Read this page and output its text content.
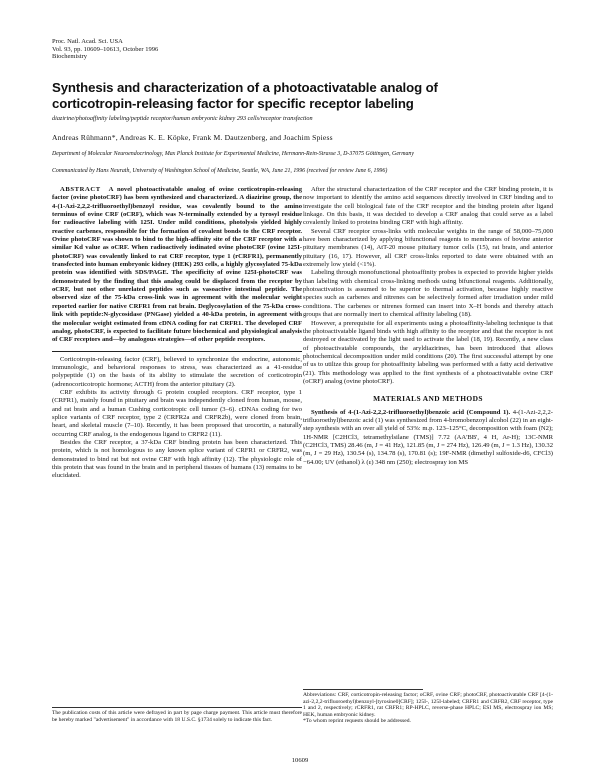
Proc. Natl. Acad. Sci. USA
Vol. 93, pp. 10609–10613, October 1996
Biochemistry
Synthesis and characterization of a photoactivatable analog of
corticotropin-releasing factor for specific receptor labeling
diazirine/photoaffinity labeling/peptide receptor/human embryonic kidney 293 cells/receptor transfection
Andreas Rühmann*, Andreas K. E. Köpke, Frank M. Dautzenberg, and Joachim Spiess
Department of Molecular Neuroendocrinology, Max Planck Institute for Experimental Medicine, Hermann-Rein-Strasse 3, D-37075 Göttingen, Germany
Communicated by Hans Neurath, University of Washington School of Medicine, Seattle, WA, June 21, 1996 (received for review June 6, 1996)

ABSTRACT A novel photoactivatable analog of ovine corticotropin-releasing factor (ovine photoCRF) has been synthesized and characterized. A diazirine group, the 4-(1-Azi-2,2,2-trifluoroethyl)benzoyl residue, was covalently bound to the amino terminus of ovine CRF (oCRF), which was N-terminally extended by a tyrosyl residue for radioactive labeling with 125I. Under mild conditions, photolysis yielded highly reactive carbenes, responsible for the formation of covalent bonds to the CRF receptor. Ovine photoCRF was shown to bind to the high-affinity site of the CRF receptor with a similar Kd value as oCRF. When radioactively iodinated ovine photoCRF (ovine 125I-photoCRF) was covalently linked to rat CRF receptor, type 1 (rCRFR1), permanently transfected into human embryonic kidney (HEK) 293 cells, a highly glycosylated 75-kDa protein was identified with SDS/PAGE. The specificity of ovine 125I-photoCRF was demonstrated by the finding that this analog could be displaced from the receptor by oCRF, but not other unrelated peptides such as vasoactive intestinal peptide. The observed size of the 75-kDa cross-link was in agreement with the molecular weight reported earlier for native CRFR1 from rat brain. Deglycosylation of the 75-kDa cross-link with peptide:N-glycosidase (PNGase) yielded a 40-kDa protein, in agreement with the molecular weight estimated from cDNA coding for rat CRFR1. The developed CRF analog, photoCRF, is expected to facilitate future biochemical and physiological analysis of CRF receptors and—by analogous strategies—of other peptide receptors.

Corticotropin-releasing factor (CRF), believed to synchronize the endocrine, autonomic, immunologic, and behavioral responses to stress, was characterized as a 41-residue polypeptide (1) on the basis of its ability to stimulate the secretion of corticotropin (adrenocorticotropic hormone; ACTH) from the anterior pituitary (2).

CRF exhibits its activity through G protein coupled receptors. CRF receptor, type 1 (CRFR1), mainly found in pituitary and brain was independently cloned from human, mouse, and rat brain and a human Cushing corticotropic cell tumor (3–6). cDNAs coding for two splice variants of CRF receptor, type 2 (CRFR2a and CRFR2b), were cloned from brain, heart, and skeletal muscle (7–10). Recently, it has been proposed that urocortin, a naturally occurring CRF analog, is the endogenous ligand to CRFR2 (11).

Besides the CRF receptor, a 37-kDa CRF binding protein has been characterized. This protein, which is not homologous to any known splice variant of CRFR1 or CRFR2, was demonstrated to bind rat but not ovine CRF with high affinity (12). The physiologic role of this protein that was found in the brain and in peripheral tissues of humans (13) remains to be elucidated.

The publication costs of this article were defrayed in part by page charge payment. This article must therefore be hereby marked "advertisement" in accordance with 18 U.S.C. §1734 solely to indicate this fact.

After the structural characterization of the CRF receptor and the CRF binding protein, it is now important to identify the amino acid sequences directly involved in CRF binding and to investigate the cell biological fate of the CRF receptor and the binding protein after ligand linkage. On this basis, it was decided to develop a CRF analog that could serve as a label covalently linked to proteins binding CRF with high affinity.

Several CRF receptor cross-links with molecular weights in the range of 58,000–75,000 have been characterized by applying bifunctional reagents to membranes of bovine anterior pituitary membranes (14), AtT-20 mouse pituitary tumor cells (15), rat brain, and anterior pituitary (16, 17). However, all CRF cross-links reported to date were obtained with an extremely low yield (<1%).

Labeling through monofunctional photoaffinity probes is expected to provide higher yields than labeling with chemical cross-linking methods using bifunctional reagents. Additionally, photoactivation is assumed to be superior to thermal activation, because highly reactive species such as carbenes and nitrenes can be selectively formed after irradiation under mild conditions. The carbenes or nitrenes formed can insert into X–H bonds and thereby attach groups that are normally inert to chemical affinity labeling (18).

However, a prerequisite for all experiments using a photoaffinity-labeling technique is that the photoactivatable ligand binds with high affinity to the receptor and that the receptor is not destroyed or deactivated by the light used to activate the label (18, 19). Recently, a new class of photoactivatable compounds, the aryldiazirines, has been introduced that allows photochemical decomposition under mild conditions (20). The first successful attempt by one of us to utilize this group for photoaffinity labeling was performed with a fatty acid derivative (21). This methodology was applied to the first synthesis of a photoactivatable ovine CRF (oCRF) analog (ovine photoCRF).

MATERIALS AND METHODS

Synthesis of 4-(1-Azi-2,2,2-trifluoroethyl)benzoic acid (Compound 1). 4-(1-Azi-2,2,2-trifluoroethyl)benzoic acid (1) was synthesized from 4-bromobenzoyl alcohol (22) in an eight-step synthesis with an over all yield of 53%: m.p. 123–125°C, decomposition with foam (N2); 1H-NMR [C2HCl3, tetramethylsilane (TMS)] 7.72 (AA'BB', 4 H, Ar-H); 13C-NMR (C2HCl3, TMS) 28.46 (m, J = 41 Hz), 121.85 (m, J = 274 Hz), 126.49 (m, J = 1.3 Hz), 130.32 (m, J = 29 Hz), 130.54 (s), 134.78 (s), 170.81 (s); 19F-NMR (dimethyl sulfoxide-d6, CFCl3) −64.00; UV (ethanol) λ (ε) 348 nm (250); electrospray ion MS

Abbreviations: CRF, corticotropin-releasing factor; oCRF, ovine CRF; photoCRF, photoactivatable CRF [4-(1-azi-2,2,2-trifluoroethyl)benzoyl-[tyrosine0]CRF]; 125I-, 125I-labeled; CRFR1 and CRFR2, CRF receptor, type 1 and 2, respectively; rCRFR1, rat CRFR1; RP-HPLC, reverse-phase HPLC; ESI MS, electrospray ion MS; HEK, human embryonic kidney.

*To whom reprint requests should be addressed.

10609
